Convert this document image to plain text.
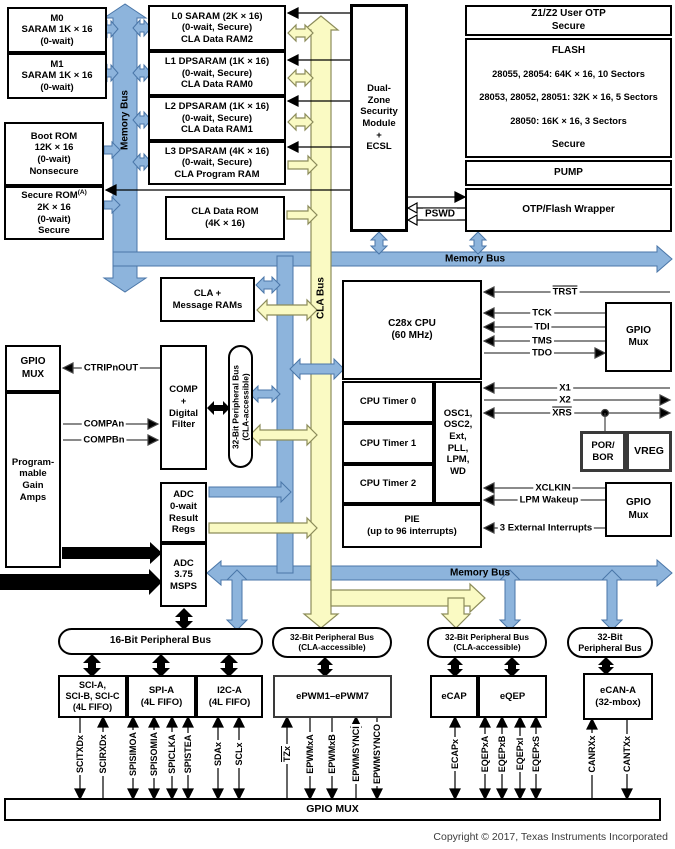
Memory Bus
CLA Bus
Memory Bus
Memory Bus
M0
SARAM 1K × 16
(0-wait)
M1
SARAM 1K × 16
(0-wait)
Boot ROM
12K × 16
(0-wait)
Nonsecure
Secure $ROM^{(A)}$
2K × 16
(0-wait)
Secure
L0 SARAM (2K × 16)
(0-wait, Secure)
CLA Data RAM2
L1 DPSARAM (1K × 16)
(0-wait, Secure)
CLA Data RAM0
L2 DPSARAM (1K × 16)
(0-wait, Secure)
CLA Data RAM1
L3 DPSARAM (4K × 16)
(0-wait, Secure)
CLA Program RAM
CLA Data ROM
(4K × 16)
Dual-
Zone
Security
Module
+
ECSL
Z1/Z2 User OTP
Secure
FLASH
28055, 28054: 64K × 16, 10 Sectors
28053, 28052, 28051: 32K × 16, 5 Sectors
28050: 16K × 16, 3 Sectors
Secure
PUMP
OTP/Flash Wrapper
PSWD
CLA +
Message RAMs
C28x CPU
(60 MHz)
CPU Timer 0
CPU Timer 1
CPU Timer 2
OSC1,
OSC2,
Ext,
PLL,
LPM,
WD
PIE
(up to 96 interrupts)
GPIO
Mux
POR/
BOR	VREG
GPIO
Mux
TRST
TCK
TDI
TMS
TDO
X1
X2
$\overline{XRS}$
XCLKIN
LPM Wakeup
3 External Interrupts
GPIO
MUX
Program-
mable
Gain
Amps
COMP
+
Digital
Filter
ADC
0-wait
Result
Regs
ADC
3.75
MSPS
CTRIPnOUT
COMPAn
COMPBn	32-Bit Peripheral Bus
(CLA-accessible)
16-Bit Peripheral Bus	32-Bit Peripheral Bus
(CLA-accessible)
32-Bit Peripheral Bus
(CLA-accessible)
32-Bit
Peripheral Bus
SCI-A,
SCI-B, SCI-C
(4L FIFO)
SPI-A
(4L FIFO)
I2C-A
(4L FIFO)
ePWM1–ePWM7	eCAP	eQEP
eCAN-A
(32-mbox)
SCITXDx SCIRXDx SPISIMOA SPISOMIA SPICLKA SPISTEA SDAx SCLx	$\overline{TZx}$ EPWMxA EPWMxB EPWMSYNCI EPWMSYNCO	ECAPx EQEPxA EQEPxB EQEPxI EQEPxS	CANRXx	CANTXx
GPIO MUX
Copyright © 2017, Texas Instruments Incorporated
